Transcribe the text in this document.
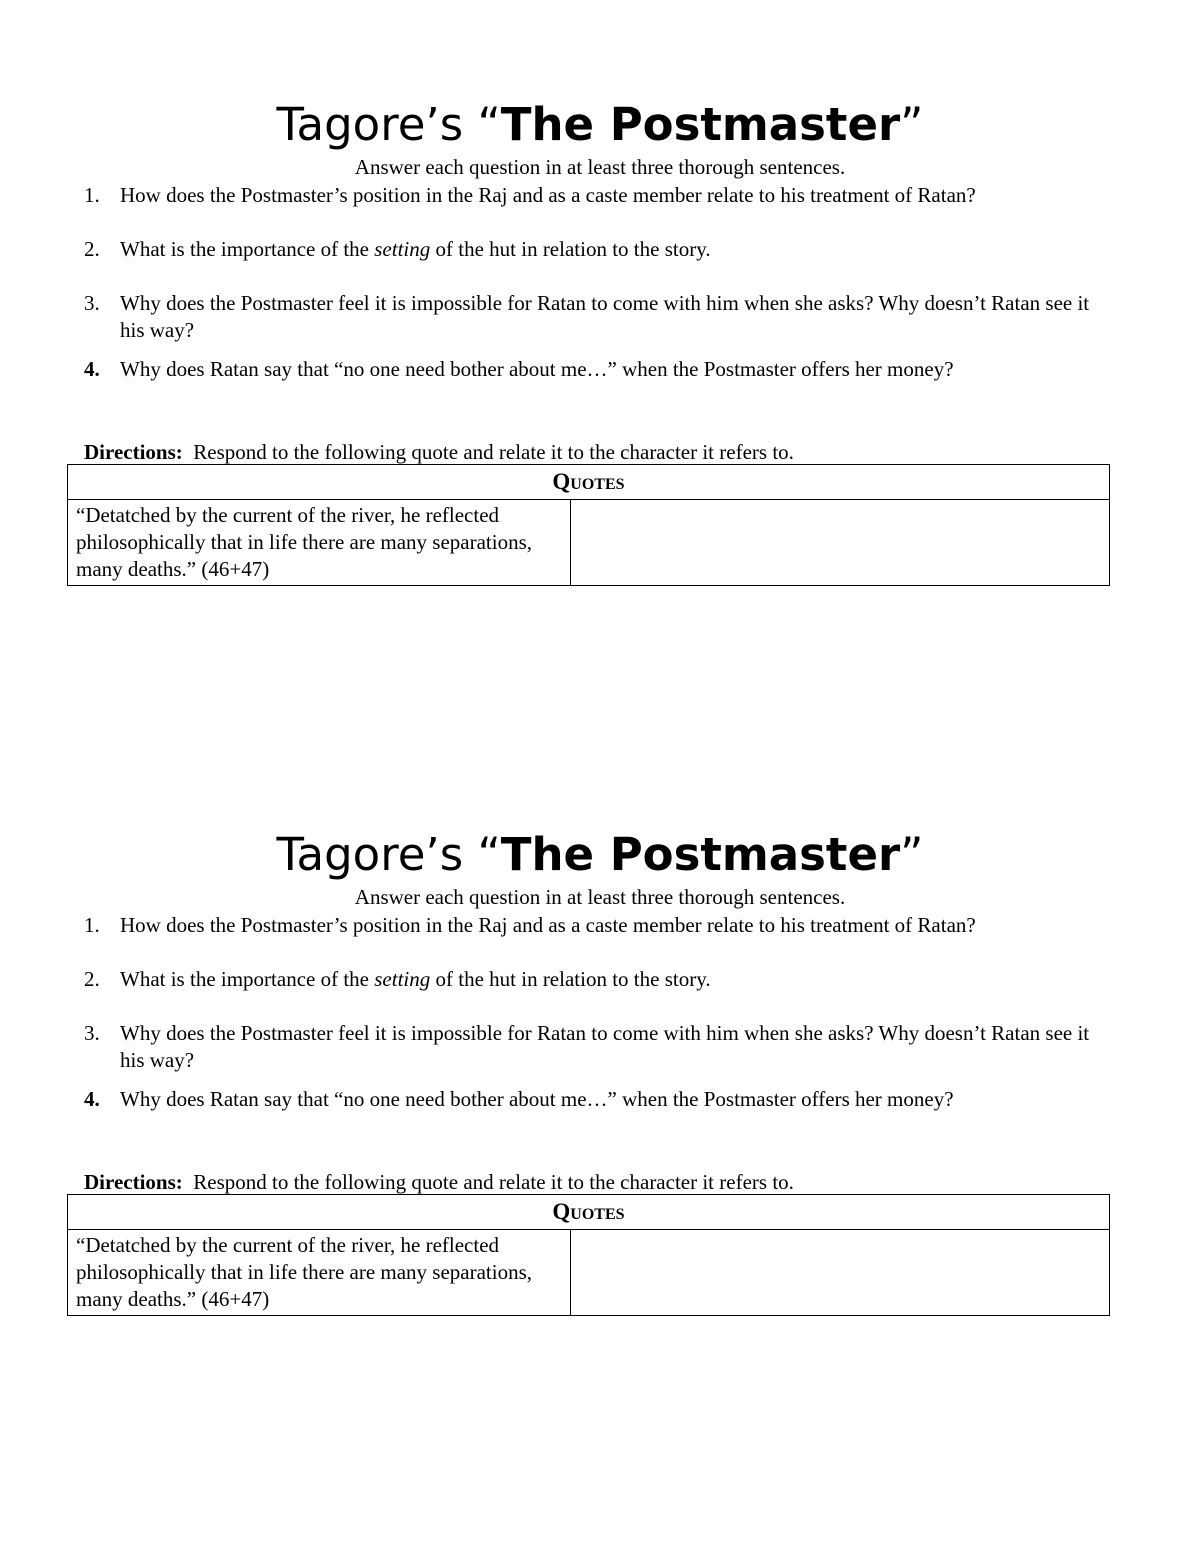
Tagore’s “The Postmaster”

Answer each question in at least three thorough sentences.

1. How does the Postmaster’s position in the Raj and as a caste member relate to his treatment of Ratan?
2. What is the importance of the setting of the hut in relation to the story.
3. Why does the Postmaster feel it is impossible for Ratan to come with him when she asks? Why doesn’t Ratan see it his way?
4. Why does Ratan say that “no one need bother about me…” when the Postmaster offers her money?
Directions:  Respond to the following quote and relate it to the character it refers to.
Quotes
“Detatched by the current of the river, he reflected philosophically that in life there are many separations, many deaths.” (46+47)	
Tagore’s “The Postmaster”

Answer each question in at least three thorough sentences.

1. How does the Postmaster’s position in the Raj and as a caste member relate to his treatment of Ratan?
2. What is the importance of the setting of the hut in relation to the story.
3. Why does the Postmaster feel it is impossible for Ratan to come with him when she asks? Why doesn’t Ratan see it his way?
4. Why does Ratan say that “no one need bother about me…” when the Postmaster offers her money?
Directions:  Respond to the following quote and relate it to the character it refers to.
Quotes
“Detatched by the current of the river, he reflected philosophically that in life there are many separations, many deaths.” (46+47)	
